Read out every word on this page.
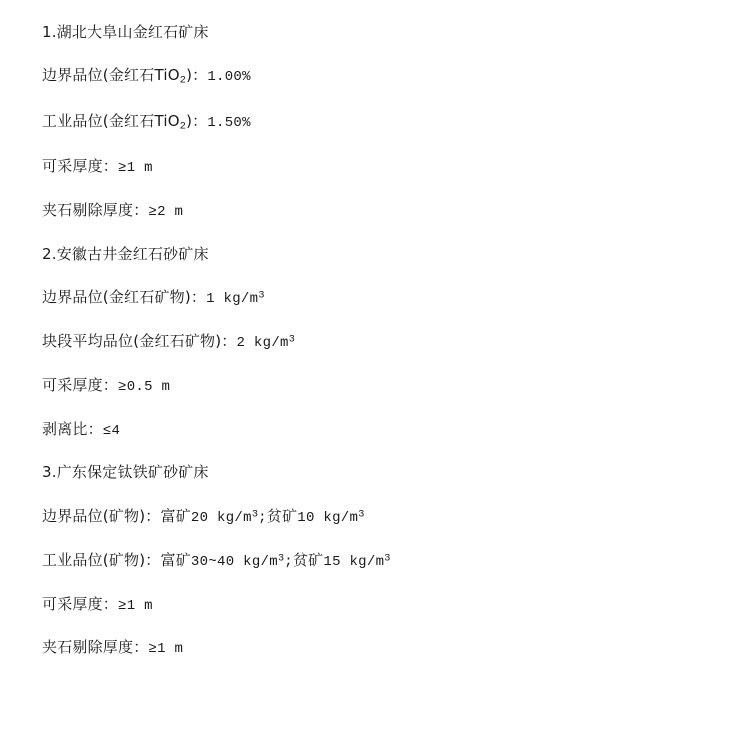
1.湖北大阜山金红石矿床

边界品位(金红石TiO$_2$)：1.00%

工业品位(金红石TiO$_2$)：1.50%

可采厚度：≥1 m

夹石剔除厚度：≥2 m

2.安徽古井金红石砂矿床

边界品位(金红石矿物)：1 $kg/m^3$

块段平均品位(金红石矿物)：2 $kg/m^3$

可采厚度：≥0.5 m

剥离比：≤4

3.广东保定钛铁矿砂矿床

边界品位(矿物)：富矿20 $kg/m^3$;贫矿10 $kg/m^3$

工业品位(矿物)：富矿30~40 $kg/m^3$;贫矿15 $kg/m^3$

可采厚度：≥1 m

夹石剔除厚度：≥1 m
